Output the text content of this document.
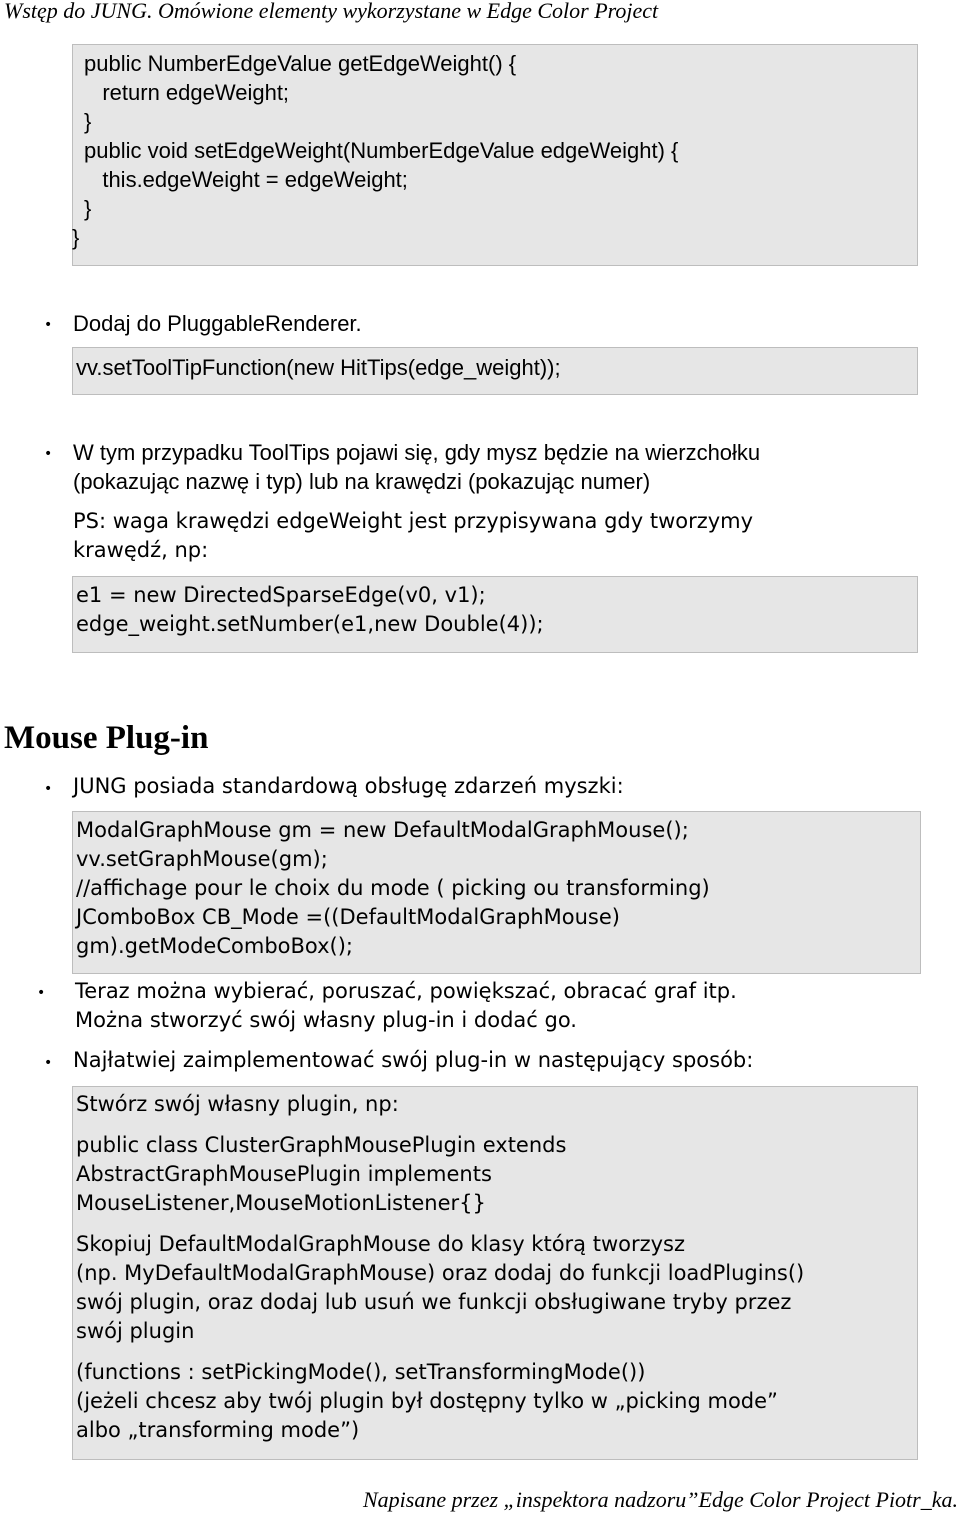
Wstęp do JUNG. Omówione elementy wykorzystane w Edge Color Project
public NumberEdgeValue getEdgeWeight() {
return edgeWeight;
}
public void setEdgeWeight(NumberEdgeValue edgeWeight) {
this.edgeWeight = edgeWeight;
}
}
• Dodaj do PluggableRenderer.
vv.setToolTipFunction(new HitTips(edge_weight));
• W tym przypadku ToolTips pojawi się, gdy mysz będzie na wierzchołku
(pokazując nazwę i typ) lub na krawędzi (pokazując numer)
PS: waga krawędzi edgeWeight jest przypisywana gdy tworzymy
krawędź, np:
e1 = new DirectedSparseEdge(v0, v1);
edge_weight.setNumber(e1,new Double(4));
Mouse Plug-in
• JUNG posiada standardową obsługę zdarzeń myszki:
ModalGraphMouse gm = new DefaultModalGraphMouse();
vv.setGraphMouse(gm);
//affichage pour le choix du mode ( picking ou transforming)
JComboBox CB_Mode =((DefaultModalGraphMouse)
gm).getModeComboBox();
• Teraz można wybierać, poruszać, powiększać, obracać graf itp.
Można stworzyć swój własny plug-in i dodać go.
• Najłatwiej zaimplementować swój plug-in w następujący sposób:
Stwórz swój własny plugin, np:
public class ClusterGraphMousePlugin extends
AbstractGraphMousePlugin implements
MouseListener,MouseMotionListener{}
Skopiuj DefaultModalGraphMouse do klasy którą tworzysz
(np. MyDefaultModalGraphMouse) oraz dodaj do funkcji loadPlugins()
swój plugin, oraz dodaj lub usuń we funkcji obsługiwane tryby przez
swój plugin
(functions : setPickingMode(), setTransformingMode())
(jeżeli chcesz aby twój plugin był dostępny tylko w „picking mode”
albo „transforming mode”)
Napisane przez „inspektora nadzoru”Edge Color Project Piotr_ka.
